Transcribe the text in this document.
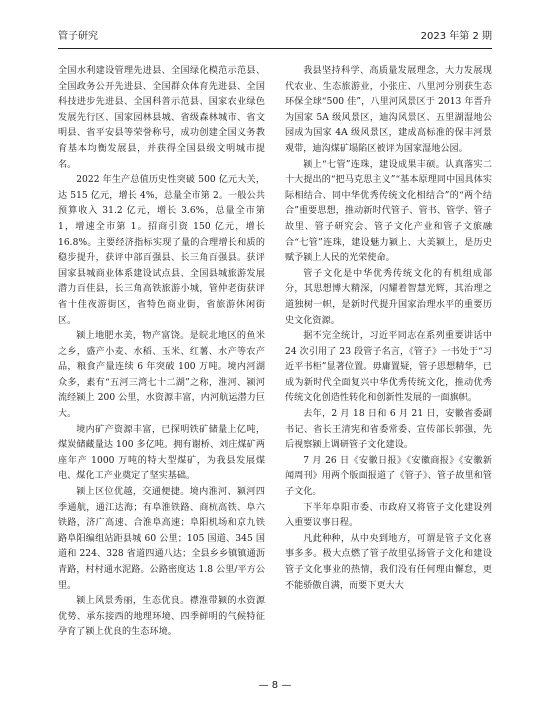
管子研究	2023 年第 2 期

全国水利建设管理先进县、全国绿化模范示范县、全国政务公开先进县、全国群众体育先进县、全国科技进步先进县、全国科普示范县、国家农业绿色发展先行区、国家园林县城、省级森林城市、省文明县、省平安县等荣誉称号，成功创建全国义务教育基本均衡发展县，并获得全国县级文明城市提名。

2022 年生产总值历史性突破 500 亿元大关，达 515 亿元，增长 4%，总量全市第 2。一般公共预算收入 31.2 亿元，增长 3.6%，总量全市第 1，增速全市第 1。招商引资 150 亿元，增长 16.8%。主要经济指标实现了量的合理增长和质的稳步提升，获评中部百强县、长三角百强县。获评国家县城商业体系建设试点县、全国县城旅游发展潜力百佳县，长三角高铁旅游小城，管仲老街获评省十佳夜游街区，省特色商业街，省旅游休闲街区。

颍上地肥水美，物产富饶。是皖北地区的鱼米之乡，盛产小麦、水稻、玉米、红薯、水产等农产品，粮食产量连续 6 年突破 100 万吨。境内河湖众多，素有“五河三湾七十二湖”之称，淮河、颍河流经颍上 200 公里，水资源丰富，内河航运潜力巨大。

境内矿产资源丰富，已探明铁矿储量上亿吨，煤炭储藏量达 100 多亿吨。拥有谢桥、刘庄煤矿两座年产 1000 万吨的特大型煤矿，为我县发展煤电、煤化工产业奠定了坚实基础。

颍上区位优越，交通便捷。境内淮河、颍河四季通航，通江达海；有阜淮铁路、商杭高铁、阜六铁路，济广高速、合淮阜高速；阜阳机场和京九铁路阜阳编组站距县城 60 公里；105 国道、345 国道和 224、328 省道四通八达；全县乡乡镇镇通沥青路，村村通水泥路。公路密度达 1.8 公里/平方公里。

颍上风景秀丽，生态优良。襟淮带颍的水资源优势、承东接西的地理环境、四季鲜明的气候特征孕育了颍上优良的生态环境。

我县坚持科学、高质量发展理念，大力发展现代农业、生态旅游业，小张庄、八里河分别获生态环保全球“500 佳”，八里河风景区于 2013 年晋升为国家 5A 级风景区，迪沟风景区、五里湖湿地公园成为国家 4A 级风景区，建成高标准的保丰河景观带，迪沟煤矿塌陷区被评为国家湿地公园。

颍上“七管”连珠，建设成果丰硕。认真落实二十大提出的“把马克思主义”“基本原理同中国具体实际相结合、同中华优秀传统文化相结合”的“两个结合”重要思想，推动新时代管子、管书、管学、管子故里、管子研究会、管子文化产业和管子文旅融合“七管”连珠，建设魅力颍上、大美颍上，是历史赋予颍上人民的光荣使命。

管子文化是中华优秀传统文化的有机组成部分，其思想博大精深，闪耀着智慧光辉，其治理之道独树一帜，是新时代提升国家治理水平的重要历史文化资源。

据不完全统计，习近平同志在系列重要讲话中 24 次引用了 23 段管子名言，《管子》一书处于“习近平书柜”显著位置。毋庸置疑，管子思想精华，已成为新时代全面复兴中华优秀传统文化，推动优秀传统文化创造性转化和创新性发展的一面旗帜。

去年，2 月 18 日和 6 月 21 日，安徽省委副书记、省长王清宪和省委常委、宣传部长郭强，先后视察颍上调研管子文化建设。

7 月 26 日《安徽日报》《安徽商报》《安徽新闻周刊》用两个版面报道了《管子》、管子故里和管子文化。

下半年阜阳市委、市政府又将管子文化建设列入重要议事日程。

凡此种种，从中央到地方，可谓是管子文化喜事多多。极大点燃了管子故里弘扬管子文化和建设管子文化事业的热情，我们没有任何理由懈怠，更不能骄傲自满，而要下更大大

— 8 —
